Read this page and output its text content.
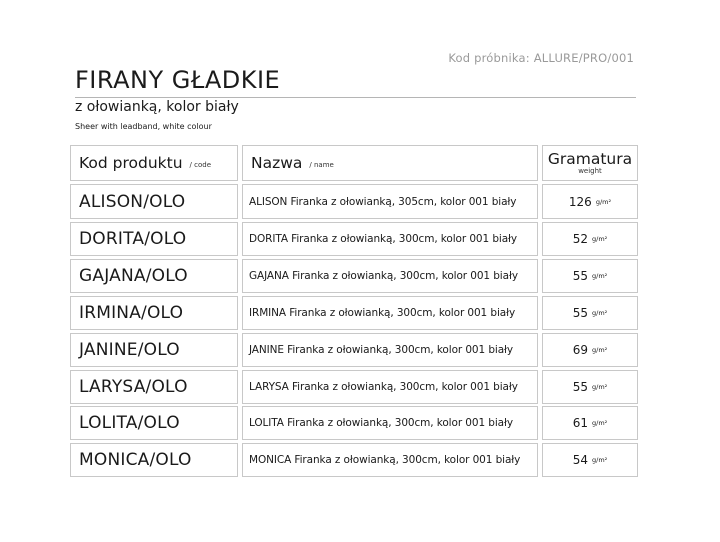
Kod próbnika: ALLURE/PRO/001
FIRANY GŁADKIE
z ołowianką, kolor biały
Sheer with leadband, white colour
Kod produktu / code	Nazwa / name	Gramatura
weight
ALISON/OLO	ALISON Firanka z ołowianką, 305cm, kolor 001 biały	126 g/m²
DORITA/OLO	DORITA Firanka z ołowianką, 300cm, kolor 001 biały	52 g/m²
GAJANA/OLO	GAJANA Firanka z ołowianką, 300cm, kolor 001 biały	55 g/m²
IRMINA/OLO	IRMINA Firanka z ołowianką, 300cm, kolor 001 biały	55 g/m²
JANINE/OLO	JANINE Firanka z ołowianką, 300cm, kolor 001 biały	69 g/m²
LARYSA/OLO	LARYSA Firanka z ołowianką, 300cm, kolor 001 biały	55 g/m²
LOLITA/OLO	LOLITA Firanka z ołowianką, 300cm, kolor 001 biały	61 g/m²
MONICA/OLO	MONICA Firanka z ołowianką, 300cm, kolor 001 biały	54 g/m²
